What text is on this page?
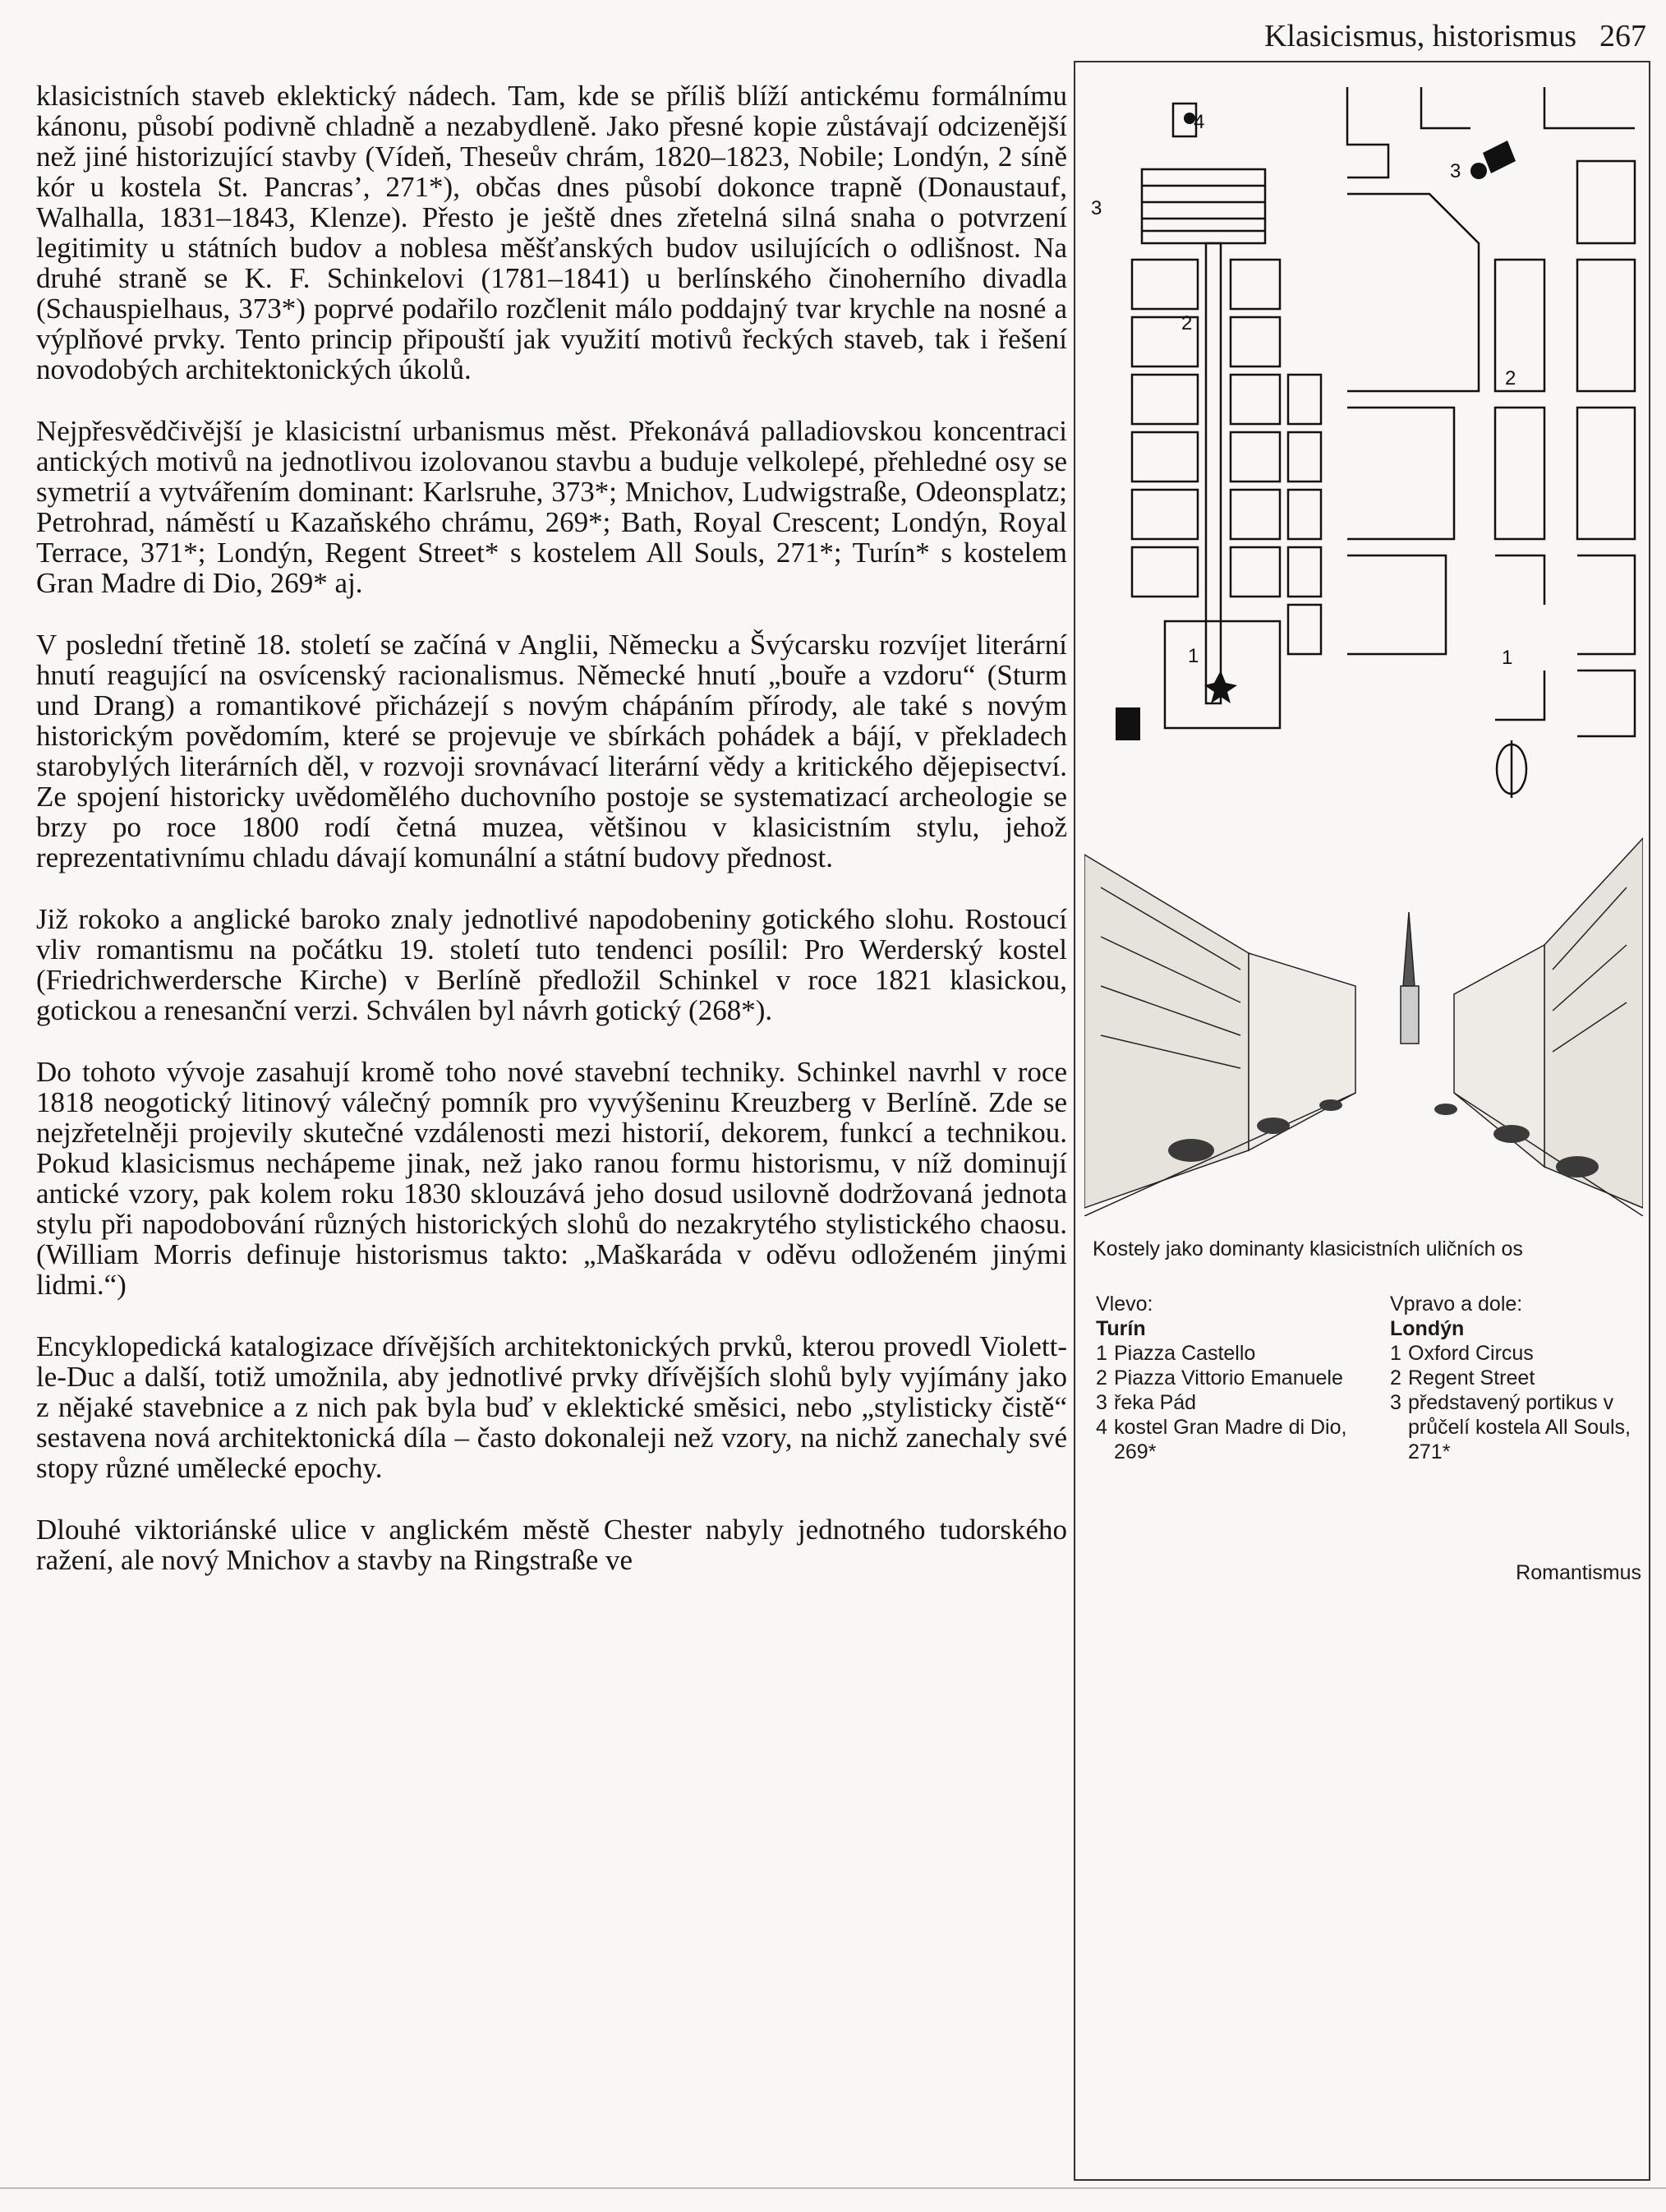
Klasicismus, historismus 267

klasicistních staveb eklektický nádech. Tam, kde se příliš blíží antickému formálnímu kánonu, působí podivně chladně a nezabydleně. Jako přesné kopie zůstávají odcizenější než jiné historizující stavby (Vídeň, Theseův chrám, 1820–1823, Nobile; Londýn, 2 síně kór u kostela St. Pancras’, 271*), občas dnes působí dokonce trapně (Donaustauf, Walhalla, 1831–1843, Klenze). Přesto je ještě dnes zřetelná silná snaha o potvrzení legitimity u státních budov a noblesa měšťanských budov usilujících o odlišnost. Na druhé straně se K. F. Schinkelovi (1781–1841) u berlínského činoherního divadla (Schauspielhaus, 373*) poprvé podařilo rozčlenit málo poddajný tvar krychle na nosné a výplňové prvky. Tento princip připouští jak využití motivů řeckých staveb, tak i řešení novodobých architektonických úkolů.

Nejpřesvědčivější je klasicistní urbanismus měst. Překonává palladiovskou koncentraci antických motivů na jednotlivou izolovanou stavbu a buduje velkolepé, přehledné osy se symetrií a vytvářením dominant: Karlsruhe, 373*; Mnichov, Ludwigstraße, Odeonsplatz; Petrohrad, náměstí u Kazaňského chrámu, 269*; Bath, Royal Crescent; Londýn, Royal Terrace, 371*; Londýn, Regent Street* s kostelem All Souls, 271*; Turín* s kostelem Gran Madre di Dio, 269* aj.

V poslední třetině 18. století se začíná v Anglii, Německu a Švýcarsku rozvíjet literární hnutí reagující na osvícenský racionalismus. Německé hnutí „bouře a vzdoru“ (Sturm und Drang) a romantikové přicházejí s novým chápáním přírody, ale také s novým historickým povědomím, které se projevuje ve sbírkách pohádek a bájí, v překladech starobylých literárních děl, v rozvoji srovnávací literární vědy a kritického dějepisectví. Ze spojení historicky uvědomělého duchovního postoje se systematizací archeologie se brzy po roce 1800 rodí četná muzea, většinou v klasicistním stylu, jehož reprezentativnímu chladu dávají komunální a státní budovy přednost.

Již rokoko a anglické baroko znaly jednotlivé napodobeniny gotického slohu. Rostoucí vliv romantismu na počátku 19. století tuto tendenci posílil: Pro Werderský kostel (Friedrichwerdersche Kirche) v Berlíně předložil Schinkel v roce 1821 klasickou, gotickou a renesanční verzi. Schválen byl návrh gotický (268*).

Do tohoto vývoje zasahují kromě toho nové stavební techniky. Schinkel navrhl v roce 1818 neogotický litinový válečný pomník pro vyvýšeninu Kreuzberg v Berlíně. Zde se nejzřetelněji projevily skutečné vzdálenosti mezi historií, dekorem, funkcí a technikou. Pokud klasicismus nechápeme jinak, než jako ranou formu historismu, v níž dominují antické vzory, pak kolem roku 1830 sklouzává jeho dosud usilovně dodržovaná jednota stylu při napodobování různých historických slohů do nezakrytého stylistického chaosu. (William Morris definuje historismus takto: „Maškaráda v oděvu odloženém jinými lidmi.“)

Encyklopedická katalogizace dřívějších architektonických prvků, kterou provedl Violett-le-Duc a další, totiž umožnila, aby jednotlivé prvky dřívějších slohů byly vyjímány jako z nějaké stavebnice a z nich pak byla buď v eklektické směsici, nebo „stylisticky čistě“ sestavena nová architektonická díla – často dokonaleji než vzory, na nichž zanechaly své stopy různé umělecké epochy.

Dlouhé viktoriánské ulice v anglickém městě Chester nabyly jednotného tudorského ražení, ale nový Mnichov a stavby na Ringstraße ve

4
3
2
1
3
2
1
Kostely jako dominanty klasicistních uličních os
Vlevo:
Turín
1 Piazza Castello
2 Piazza Vittorio Emanuele
3 řeka Pád
4 kostel Gran Madre di Dio, 269*
Vpravo a dole:
Londýn
1 Oxford Circus
2 Regent Street
3 představený portikus v průčelí kostela All Souls, 271*
Romantismus
